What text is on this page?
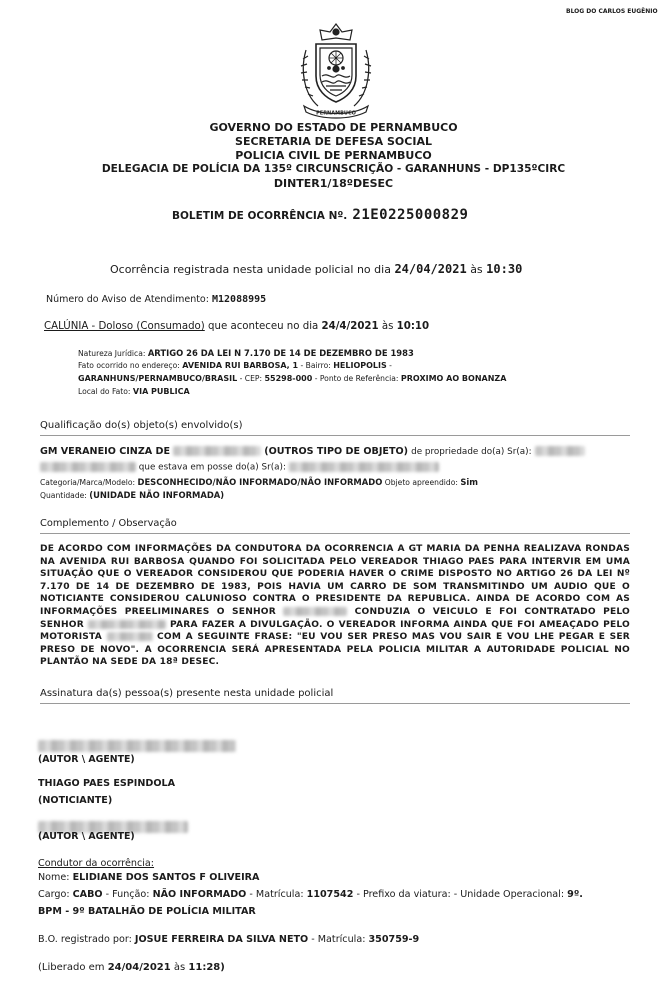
BLOG DO CARLOS EUGÊNIO
PERNAMBUCO
GOVERNO DO ESTADO DE PERNAMBUCO
SECRETARIA DE DEFESA SOCIAL
POLICIA CIVIL DE PERNAMBUCO
DELEGACIA DE POLÍCIA DA 135º CIRCUNSCRIÇÃO - GARANHUNS - DP135ºCIRC
DINTER1/18ºDESEC
BOLETIM DE OCORRÊNCIA Nº. 21E0225000829
Ocorrência registrada nesta unidade policial no dia 24/04/2021 às 10:30
Número do Aviso de Atendimento: M12088995
CALÚNIA - Doloso (Consumado) que aconteceu no dia 24/4/2021 às 10:10
Natureza Jurídica: ARTIGO 26 DA LEI N 7.170 DE 14 DE DEZEMBRO DE 1983
Fato ocorrido no endereço: AVENIDA RUI BARBOSA, 1 - Bairro: HELIOPOLIS -
GARANHUNS/PERNAMBUCO/BRASIL - CEP: 55298-000 - Ponto de Referência: PROXIMO AO BONANZA
Local do Fato: VIA PUBLICA
Qualificação do(s) objeto(s) envolvido(s)
GM VERANEIO CINZA DE	(OUTROS TIPO DE OBJETO) de propriedade do(a) Sr(a):
que estava em posse do(a) Sr(a):
Categoria/Marca/Modelo: DESCONHECIDO/NÃO INFORMADO/NÃO INFORMADO Objeto apreendido: Sim
Quantidade: (UNIDADE NÃO INFORMADA)
Complemento / Observação
DE ACORDO COM INFORMAÇÕES DA CONDUTORA DA OCORRENCIA A GT MARIA DA PENHA REALIZAVA RONDAS NA AVENIDA RUI BARBOSA QUANDO FOI SOLICITADA PELO VEREADOR THIAGO PAES PARA INTERVIR EM UMA SITUAÇÃO QUE O VEREADOR CONSIDEROU QUE PODERIA HAVER O CRIME DISPOSTO NO ARTIGO 26 DA LEI Nº 7.170 DE 14 DE DEZEMBRO DE 1983, POIS HAVIA UM CARRO DE SOM TRANSMITINDO UM AUDIO QUE O NOTICIANTE CONSIDEROU CALUNIOSO CONTRA O PRESIDENTE DA REPUBLICA. AINDA DE ACORDO COM AS INFORMAÇÕES PREELIMINARES O SENHOR	CONDUZIA O VEICULO E FOI CONTRATADO PELO SENHOR	PARA FAZER A DIVULGAÇÃO. O VEREADOR INFORMA AINDA QUE FOI AMEAÇADO PELO MOTORISTA	COM A SEGUINTE FRASE: "EU VOU SER PRESO MAS VOU SAIR E VOU LHE PEGAR E SER PRESO DE NOVO". A OCORRENCIA SERÁ APRESENTADA PELA POLICIA MILITAR A AUTORIDADE POLICIAL NO PLANTÃO NA SEDE DA 18ª DESEC.
Assinatura da(s) pessoa(s) presente nesta unidade policial
(AUTOR \ AGENTE)
THIAGO PAES ESPINDOLA
(NOTICIANTE)
(AUTOR \ AGENTE)
Condutor da ocorrência:
Nome: ELIDIANE DOS SANTOS F OLIVEIRA
Cargo: CABO - Função: NÃO INFORMADO - Matrícula: 1107542 - Prefixo da viatura: - Unidade Operacional: 9º.
BPM - 9º BATALHÃO DE POLÍCIA MILITAR
B.O. registrado por: JOSUE FERREIRA DA SILVA NETO - Matrícula: 350759-9
(Liberado em 24/04/2021 às 11:28)
